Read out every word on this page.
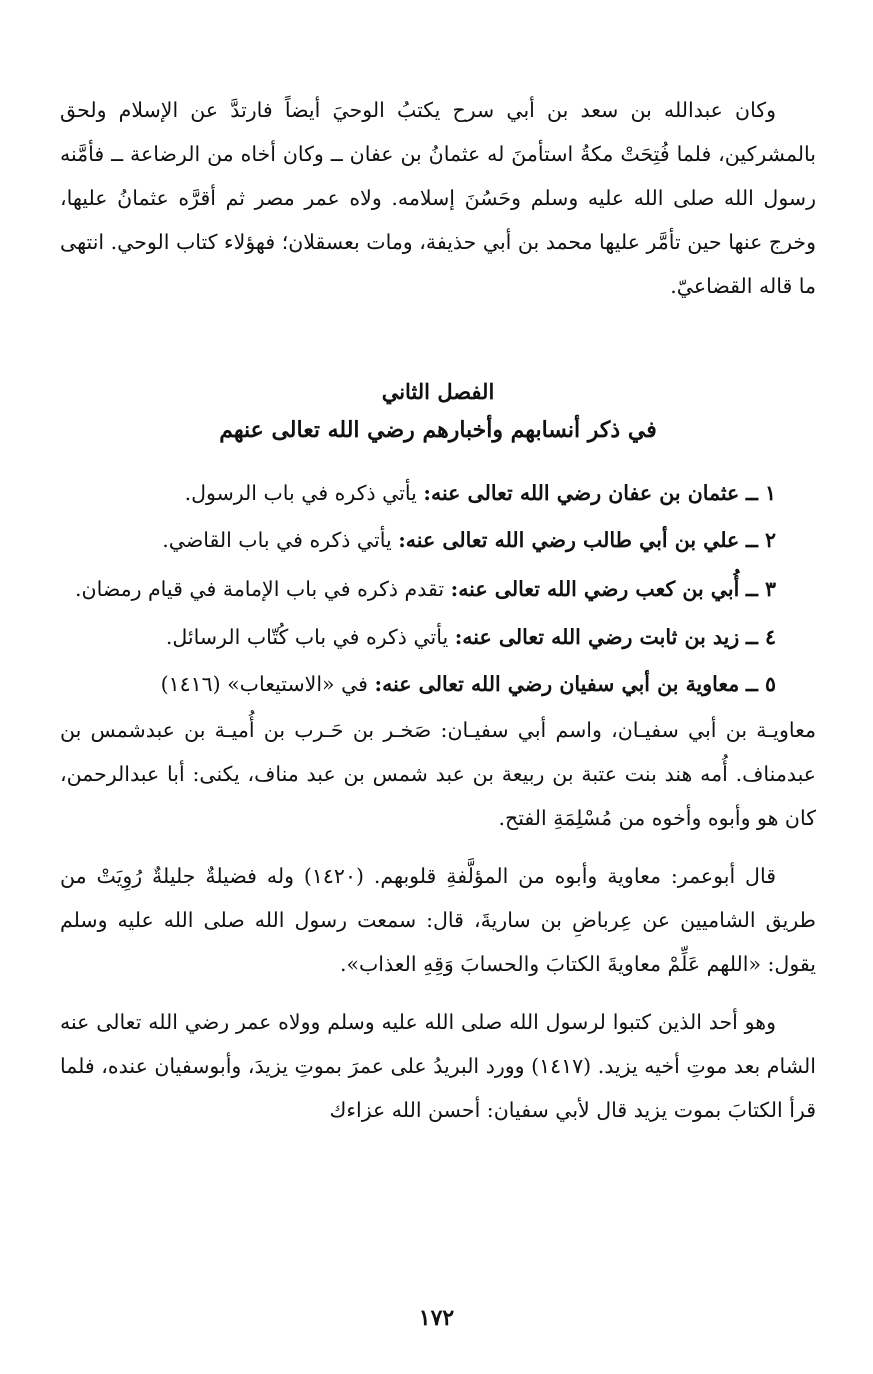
وكان عبدالله بن سعد بن أبي سرح يكتبُ الوحيَ أيضاً فارتدَّ عن الإسلام ولحق بالمشركين، فلما فُتِحَتْ مكةُ استأمنَ له عثمانُ بن عفان ــ وكان أخاه من الرضاعة ــ فأمَّنه رسول الله صلى الله عليه وسلم وحَسُنَ إسلامه. ولاه عمر مصر ثم أقرَّه عثمانُ عليها، وخرج عنها حين تأمَّر عليها محمد بن أبي حذيفة، ومات بعسقلان؛ فهؤلاء كتاب الوحي. انتهى ما قاله القضاعيّ.

الفصل الثاني
في ذكر أنسابهم وأخبارهم رضي الله تعالى عنهم

١ ــ عثمان بن عفان رضي الله تعالى عنه: يأتي ذكره في باب الرسول.

٢ ــ علي بن أبي طالب رضي الله تعالى عنه: يأتي ذكره في باب القاضي.

٣ ــ أُبي بن كعب رضي الله تعالى عنه: تقدم ذكره في باب الإمامة في قيام رمضان.

٤ ــ زيد بن ثابت رضي الله تعالى عنه: يأتي ذكره في باب كُتّاب الرسائل.

٥ ــ معاوية بن أبي سفيان رضي الله تعالى عنه: في «الاستيعاب» (١٤١٦)

معاويـة بن أبي سفيـان، واسم أبي سفيـان: صَخـر بن حَـرب بن أُميـة بن عبدشمس بن عبدمناف. أُمه هند بنت عتبة بن ربيعة بن عبد شمس بن عبد مناف، يكنى: أبا عبدالرحمن، كان هو وأبوه وأخوه من مُسْلِمَةِ الفتح.

قال أبوعمر: معاوية وأبوه من المؤلَّفةِ قلوبهم. (١٤٢٠) وله فضيلةٌ جليلةٌ رُوِيَتْ من طريق الشاميين عن عِرباضِ بن ساريةَ، قال: سمعت رسول الله صلى الله عليه وسلم يقول: «اللهم عَلِّمْ معاويةَ الكتابَ والحسابَ وَقِهِ العذاب».

وهو أحد الذين كتبوا لرسول الله صلى الله عليه وسلم وولاه عمر رضي الله تعالى عنه الشام بعد موتِ أخيه يزيد. (١٤١٧) وورد البريدُ على عمرَ بموتِ يزيدَ، وأبوسفيان عنده، فلما قرأ الكتابَ بموت يزيد قال لأبي سفيان: أحسن الله عزاءك

١٧٢
